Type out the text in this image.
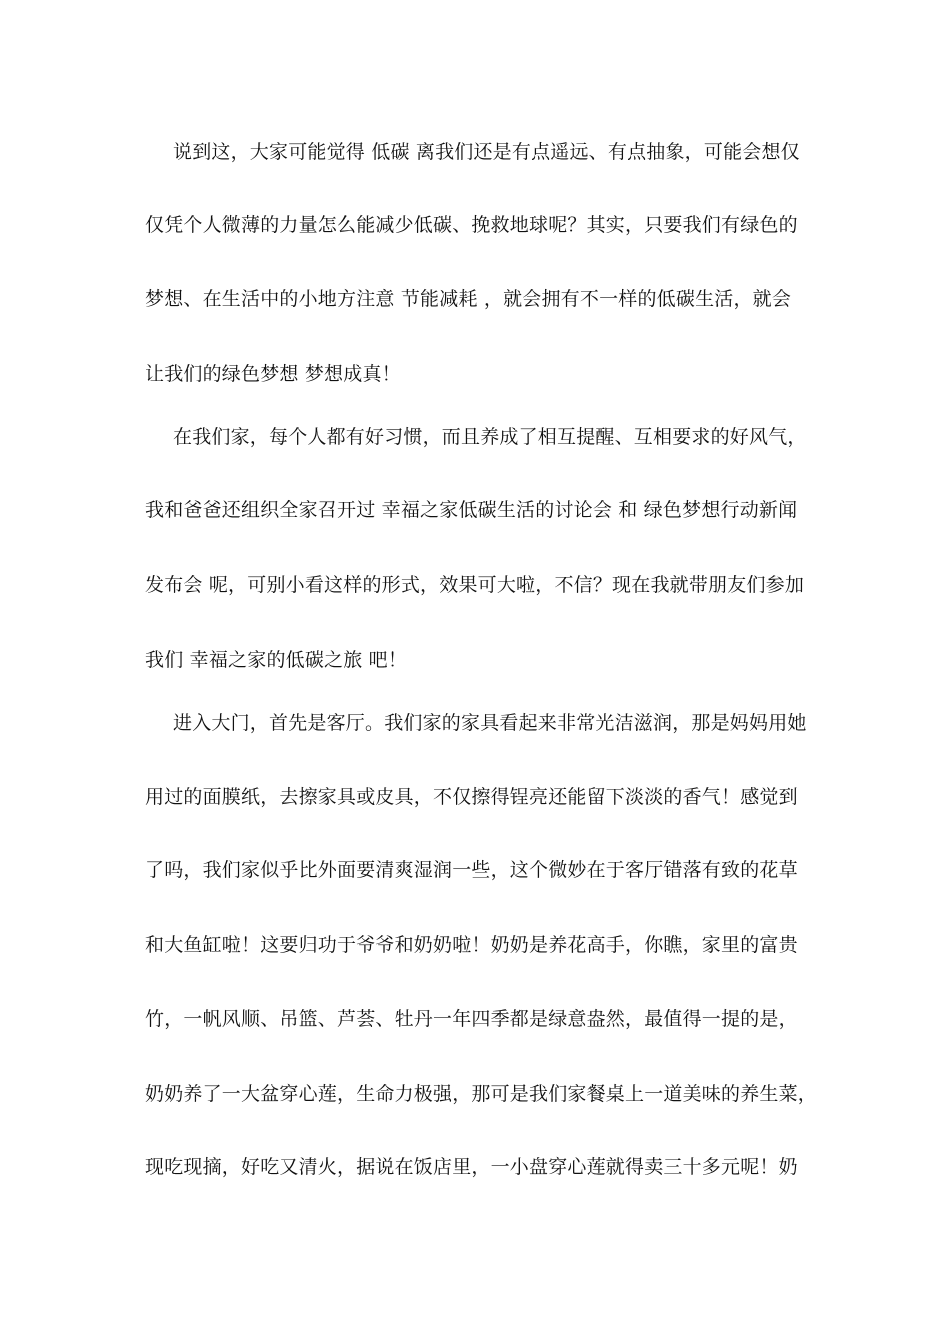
说到这，大家可能觉得 低碳 离我们还是有点遥远、有点抽象，可能会想仅
仅凭个人微薄的力量怎么能减少低碳、挽救地球呢？其实，只要我们有绿色的
梦想、在生活中的小地方注意 节能减耗 ，就会拥有不一样的低碳生活，就会
让我们的绿色梦想 梦想成真！
在我们家，每个人都有好习惯，而且养成了相互提醒、互相要求的好风气，
我和爸爸还组织全家召开过 幸福之家低碳生活的讨论会 和 绿色梦想行动新闻
发布会 呢，可别小看这样的形式，效果可大啦，不信？现在我就带朋友们参加
我们 幸福之家的低碳之旅 吧！
进入大门，首先是客厅。我们家的家具看起来非常光洁滋润，那是妈妈用她
用过的面膜纸，去擦家具或皮具，不仅擦得锃亮还能留下淡淡的香气！感觉到
了吗，我们家似乎比外面要清爽湿润一些，这个微妙在于客厅错落有致的花草
和大鱼缸啦！这要归功于爷爷和奶奶啦！奶奶是养花高手，你瞧，家里的富贵
竹，一帆风顺、吊篮、芦荟、牡丹一年四季都是绿意盎然，最值得一提的是，
奶奶养了一大盆穿心莲，生命力极强，那可是我们家餐桌上一道美味的养生菜，
现吃现摘，好吃又清火，据说在饭店里，一小盘穿心莲就得卖三十多元呢！奶
